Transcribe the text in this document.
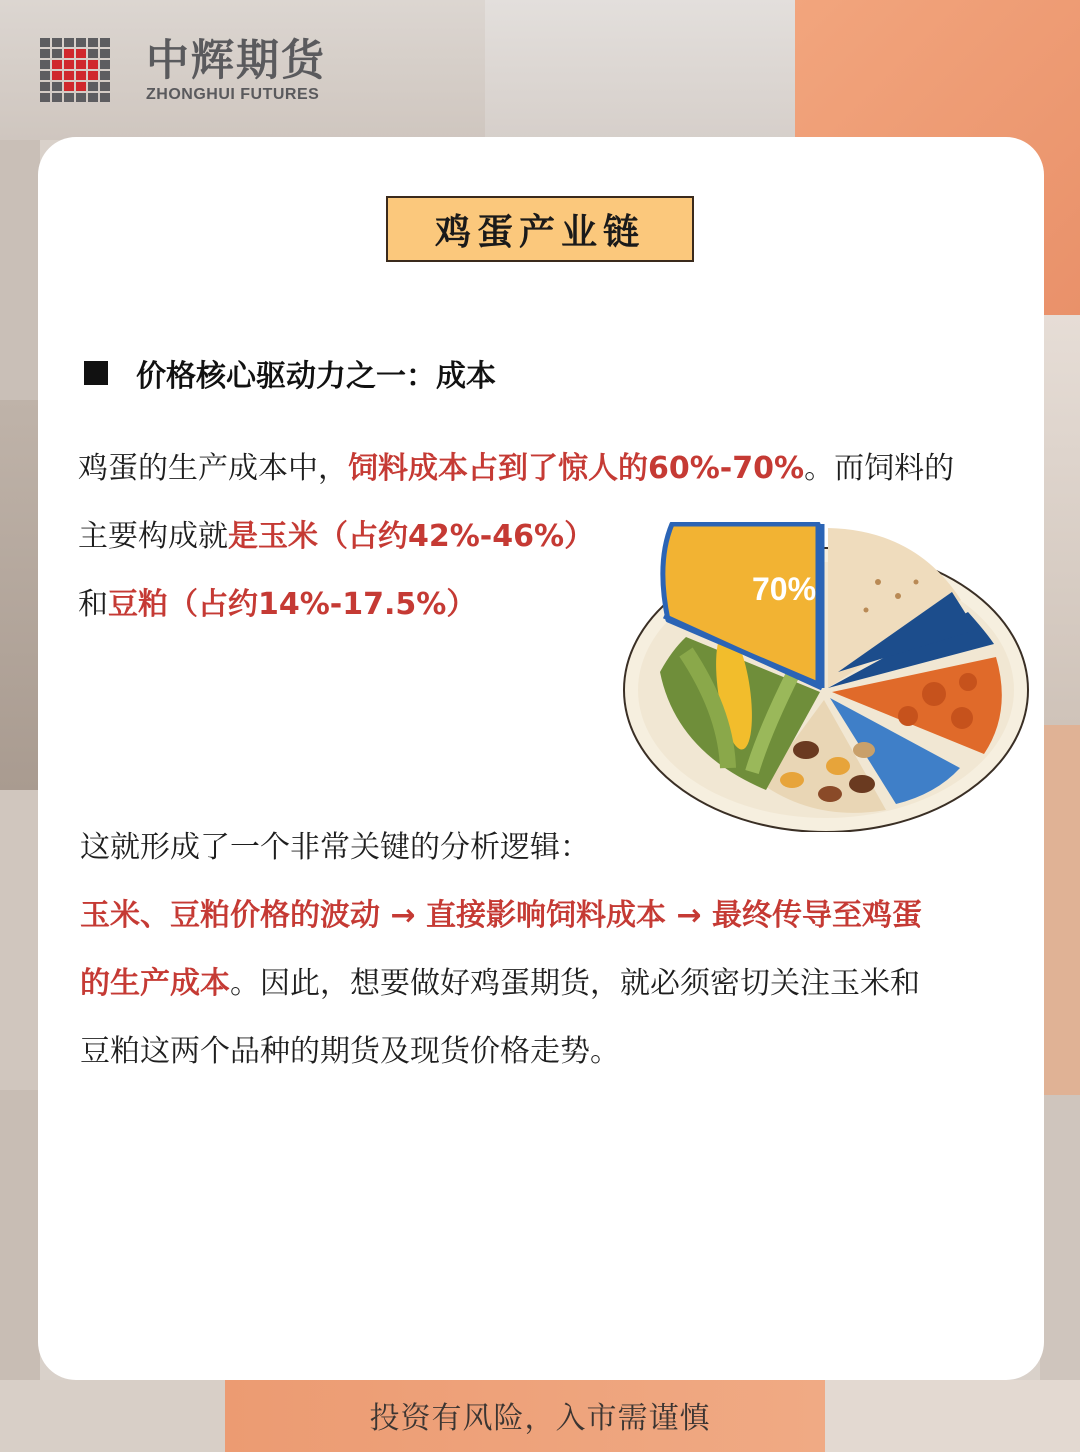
中辉期货
ZHONGHUI FUTURES
鸡蛋产业链
价格核心驱动力之一：成本
鸡蛋的生产成本中，饲料成本占到了惊人的60%-70%。而饲料的
主要构成就是玉米（占约42%-46%）
和豆粕（占约14%-17.5%）	70%
这就形成了一个非常关键的分析逻辑：
玉米、豆粕价格的波动 → 直接影响饲料成本 → 最终传导至鸡蛋
的生产成本。因此，想要做好鸡蛋期货，就必须密切关注玉米和
豆粕这两个品种的期货及现货价格走势。
投资有风险，入市需谨慎
